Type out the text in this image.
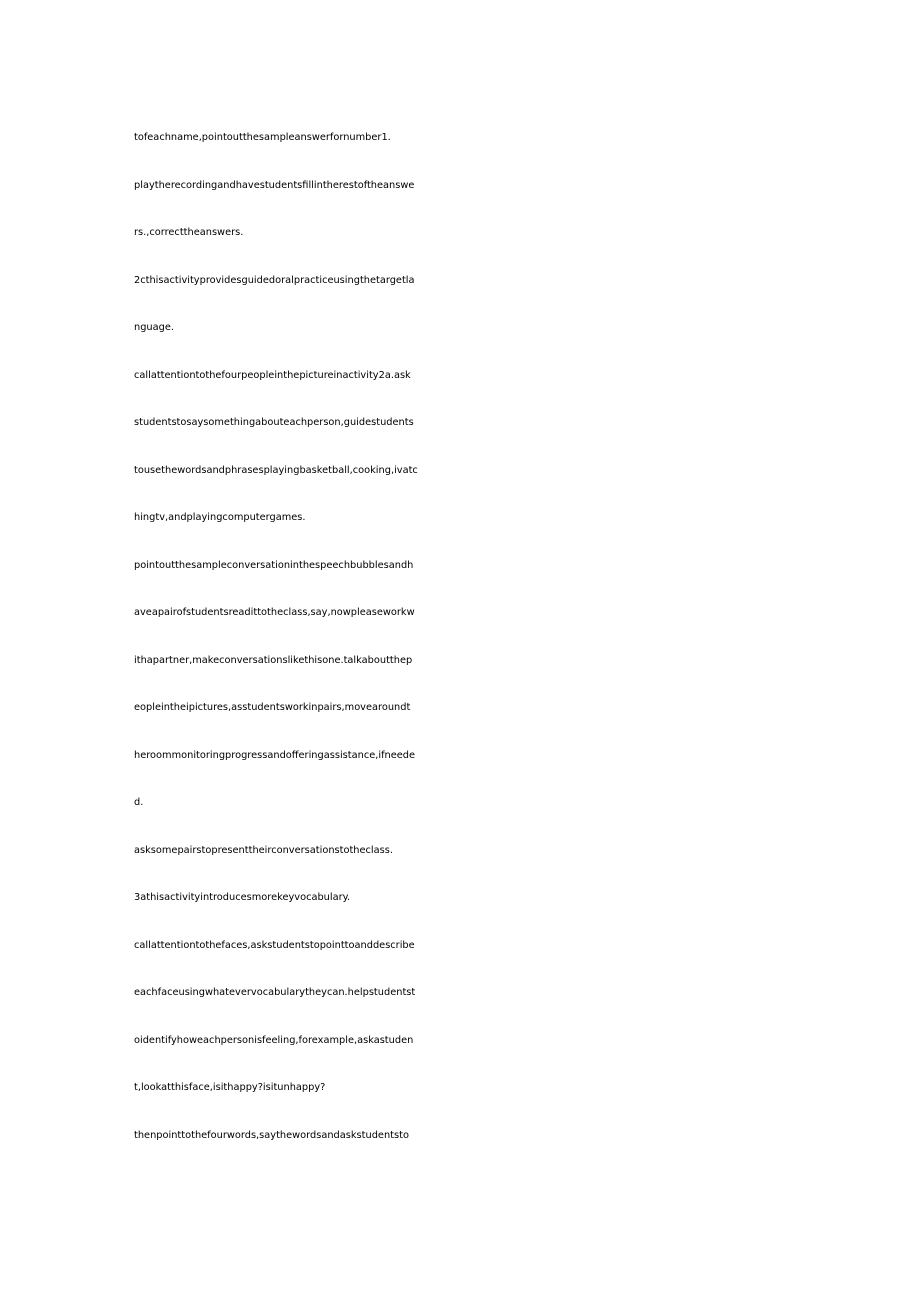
tofeachname,pointoutthesampleanswerfornumber1.
playtherecordingandhavestudentsfillintherestoftheanswe
rs.,correcttheanswers.
2cthisactivityprovidesguidedoralpracticeusingthetargetla
nguage.
callattentiontothefourpeopleinthepictureinactivity2a.ask
studentstosaysomethingabouteachperson,guidestudents
tousethewordsandphrasesplayingbasketball,cooking,ivatc
hingtv,andplayingcomputergames.
pointoutthesampleconversationinthespeechbubblesandh
aveapairofstudentsreadittotheclass,say,nowpleaseworkw
ithapartner,makeconversationslikethisone.talkaboutthep
eopleintheipictures,asstudentsworkinpairs,movearoundt
heroommonitoringprogressandofferingassistance,ifneede
d.
asksomepairstopresenttheirconversationstotheclass.
3athisactivityintroducesmorekeyvocabulary.
callattentiontothefaces,askstudentstopointtoanddescribe
eachfaceusingwhatevervocabularytheycan.helpstudentst
oidentifyhoweachpersonisfeeling,forexample,askastuden
t,lookatthisface,isithappy?isitunhappy?
thenpointtothefourwords,saythewordsandaskstudentsto
